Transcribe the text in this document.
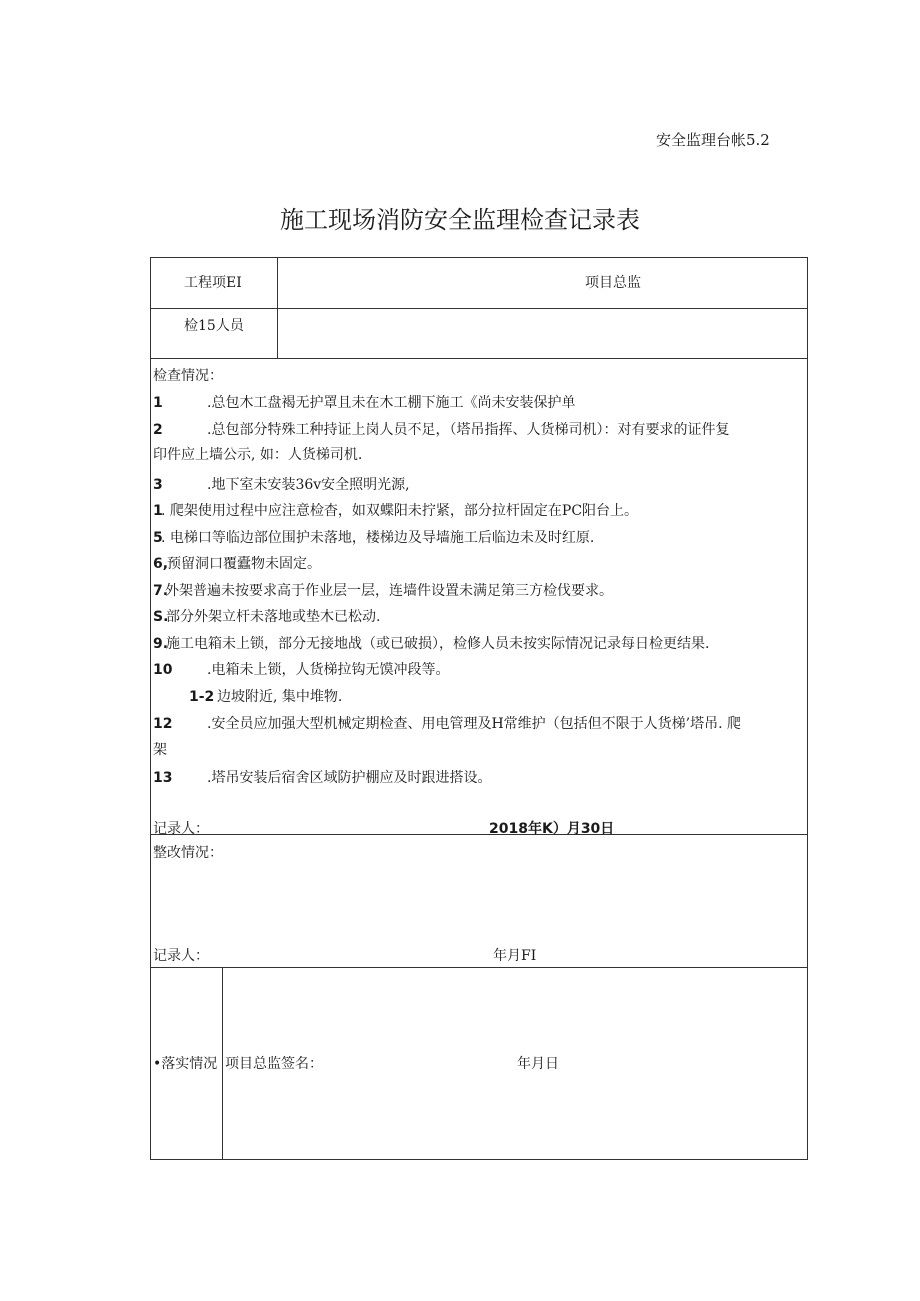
安全监理台帐5.2
施工现场消防安全监理检查记录表
工程项EI	项目总监
检15人员
检查情况：
1	.总包木工盘褐无护罩且未在木工棚下施工《尚未安装保护单
2	.总包部分特殊工种持证上岗人员不足，（塔吊指挥、人货梯司机）：对有要求的证件复
印件应上墙公示, 如：人货梯司机.
3	.地下室未安装36v安全照明光源,
1
. 爬架使用过程中应注意检杳，如双蝶阳未拧紧，部分拉杆固定在PC阳台上。
5
. 电梯口等临边部位围护未落地，楼梯边及导墙施工后临边未及时红原.
6,
预留洞口覆蠹物未固定。
7.
外架普遍未按要求高于作业层一层，连墙件设置未满足第三方检伐要求。
S.
部分外架立杆未落地或垫木已松动.
9.
施工电箱未上锁，部分无接地战（或已破损），检修人员未按实际情况记录每日检更结果.
10 .电箱未上锁，人货梯拉钩无馍冲段等。
1-2 边坡附近, 集中堆物.
12 .安全员应加强大型机械定期检查、用电管理及H常维护（包括但不限于人货梯’塔吊. 爬
架
13 .塔吊安装后宿舍区域防护棚应及时跟进搭设。
记录人：	2018年K）月30日
整改情况：
记录人：	年月FI
•落实情况 项目总监签名：	年月日
